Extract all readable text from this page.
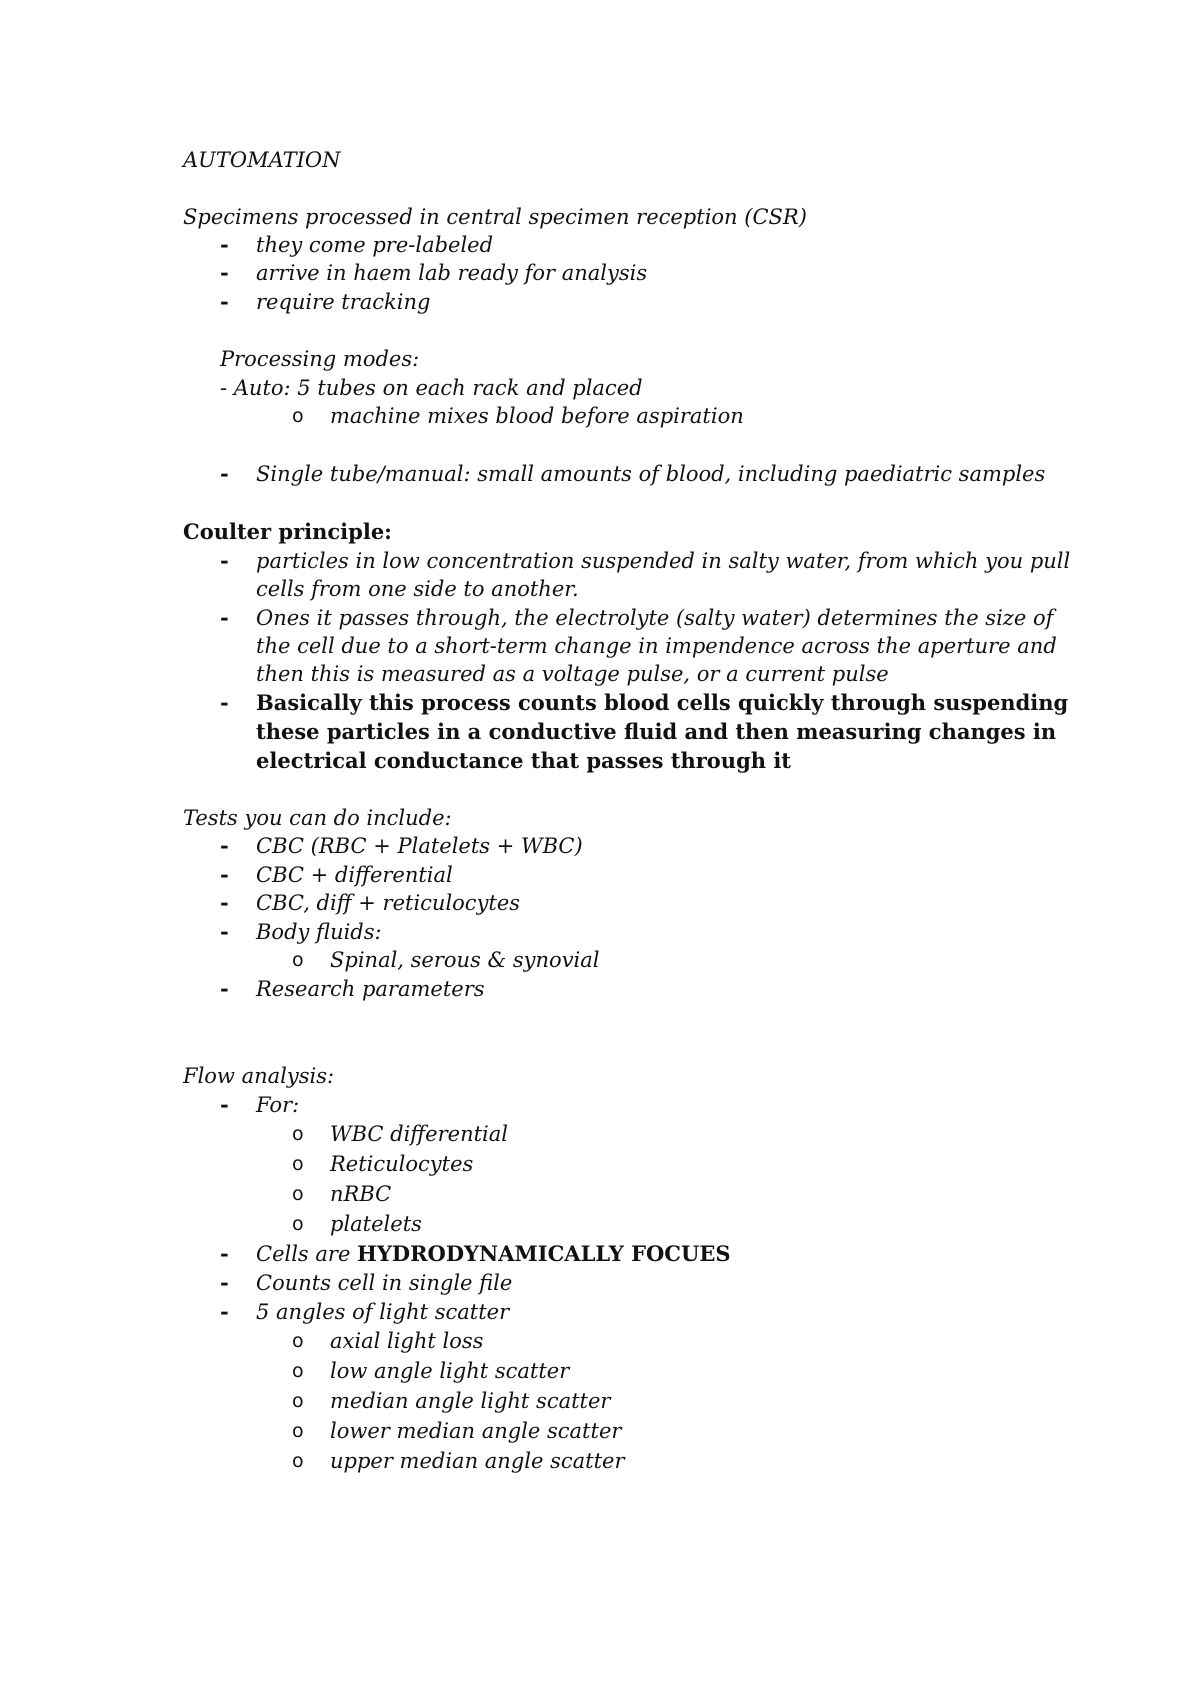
AUTOMATION
Specimens processed in central specimen reception (CSR)
- they come pre-labeled
- arrive in haem lab ready for analysis
- require tracking
Processing modes:
- Auto: 5 tubes on each rack and placed
o machine mixes blood before aspiration
- Single tube/manual: small amounts of blood, including paediatric samples
Coulter principle:
- particles in low concentration suspended in salty water, from which you pull
cells from one side to another.
- Ones it passes through, the electrolyte (salty water) determines the size of
the cell due to a short-term change in impendence across the aperture and
then this is measured as a voltage pulse, or a current pulse
- Basically this process counts blood cells quickly through suspending
these particles in a conductive fluid and then measuring changes in
electrical conductance that passes through it
Tests you can do include:
- CBC (RBC + Platelets + WBC)
- CBC + differential
- CBC, diff + reticulocytes
- Body fluids:
o Spinal, serous & synovial
- Research parameters
Flow analysis:
- For:
o WBC differential
o Reticulocytes
o nRBC
o platelets
- Cells are HYDRODYNAMICALLY FOCUES
- Counts cell in single file
- 5 angles of light scatter
o axial light loss
o low angle light scatter
o median angle light scatter
o lower median angle scatter
o upper median angle scatter
